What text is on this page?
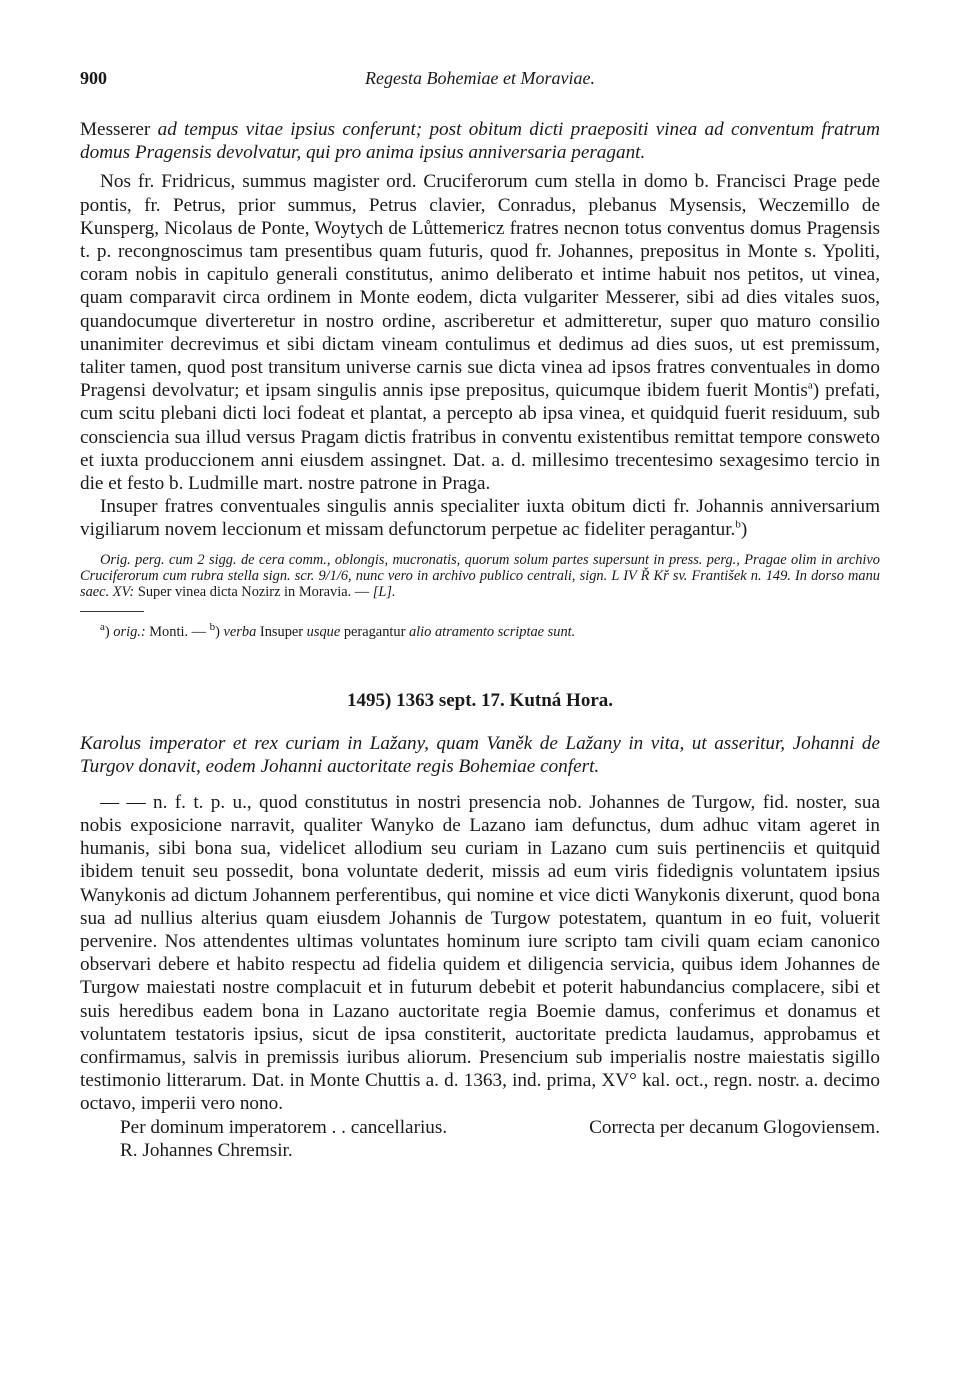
900	Regesta Bohemiae et Moraviae.

Messerer ad tempus vitae ipsius conferunt; post obitum dicti praepositi vinea ad conventum fratrum domus Pragensis devolvatur, qui pro anima ipsius anniversaria peragant.

Nos fr. Fridricus, summus magister ord. Cruciferorum cum stella in domo b. Francisci Prage pede pontis, fr. Petrus, prior summus, Petrus clavier, Conradus, plebanus Mysensis, Weczemillo de Kunsperg, Nicolaus de Ponte, Woytych de Lůttemericz fratres necnon totus conventus domus Pragensis t. p. recongnoscimus tam presentibus quam futuris, quod fr. Johannes, prepositus in Monte s. Ypoliti, coram nobis in capitulo generali constitutus, animo deliberato et intime habuit nos petitos, ut vinea, quam comparavit circa ordinem in Monte eodem, dicta vulgariter Messerer, sibi ad dies vitales suos, quandocumque diverteretur in nostro ordine, ascriberetur et admitteretur, super quo maturo consilio unanimiter decrevimus et sibi dictam vineam contulimus et dedimus ad dies suos, ut est premissum, taliter tamen, quod post transitum universe carnis sue dicta vinea ad ipsos fratres conventuales in domo Pragensi devolvatur; et ipsam singulis annis ipse prepositus, quicumque ibidem fuerit Montis$^a$) prefati, cum scitu plebani dicti loci fodeat et plantat, a percepto ab ipsa vinea, et quidquid fuerit residuum, sub consciencia sua illud versus Pragam dictis fratribus in conventu existentibus remittat tempore consweto et iuxta produccionem anni eiusdem assingnet. Dat. a. d. millesimo trecentesimo sexagesimo tercio in die et festo b. Ludmille mart. nostre patrone in Praga.

Insuper fratres conventuales singulis annis specialiter iuxta obitum dicti fr. Johannis anniversarium vigiliarum novem leccionum et missam defunctorum perpetue ac fideliter peragantur.$^b$)

Orig. perg. cum 2 sigg. de cera comm., oblongis, mucronatis, quorum solum partes supersunt in press. perg., Pragae olim in archivo Cruciferorum cum rubra stella sign. scr. 9/1/6, nunc vero in archivo publico centrali, sign. L IV Ř Kř sv. František n. 149. In dorso manu saec. XV: Super vinea dicta Nozirz in Moravia. — [L].

$^a$) orig.: Monti. — $^b$) verba Insuper usque peragantur alio atramento scriptae sunt.
1495) 1363 sept. 17. Kutná Hora.

Karolus imperator et rex curiam in Lažany, quam Vaněk de Lažany in vita, ut asseritur, Johanni de Turgov donavit, eodem Johanni auctoritate regis Bohemiae confert.

— — n. f. t. p. u., quod constitutus in nostri presencia nob. Johannes de Turgow, fid. noster, sua nobis exposicione narravit, qualiter Wanyko de Lazano iam defunctus, dum adhuc vitam ageret in humanis, sibi bona sua, videlicet allodium seu curiam in Lazano cum suis pertinenciis et quitquid ibidem tenuit seu possedit, bona voluntate dederit, missis ad eum viris fidedignis voluntatem ipsius Wanykonis ad dictum Johannem perferentibus, qui nomine et vice dicti Wanykonis dixerunt, quod bona sua ad nullius alterius quam eiusdem Johannis de Turgow potestatem, quantum in eo fuit, voluerit pervenire. Nos attendentes ultimas voluntates hominum iure scripto tam civili quam eciam canonico observari debere et habito respectu ad fidelia quidem et diligencia servicia, quibus idem Johannes de Turgow maiestati nostre complacuit et in futurum debebit et poterit habundancius complacere, sibi et suis heredibus eadem bona in Lazano auctoritate regia Boemie damus, conferimus et donamus et voluntatem testatoris ipsius, sicut de ipsa constiterit, auctoritate predicta laudamus, approbamus et confirmamus, salvis in premissis iuribus aliorum. Presencium sub imperialis nostre maiestatis sigillo testimonio litterarum. Dat. in Monte Chuttis a. d. 1363, ind. prima, XV° kal. oct., regn. nostr. a. decimo octavo, imperii vero nono.

Per dominum imperatorem . . cancellarius.	Correcta per decanum Glogoviensem.
R. Johannes Chremsir.
